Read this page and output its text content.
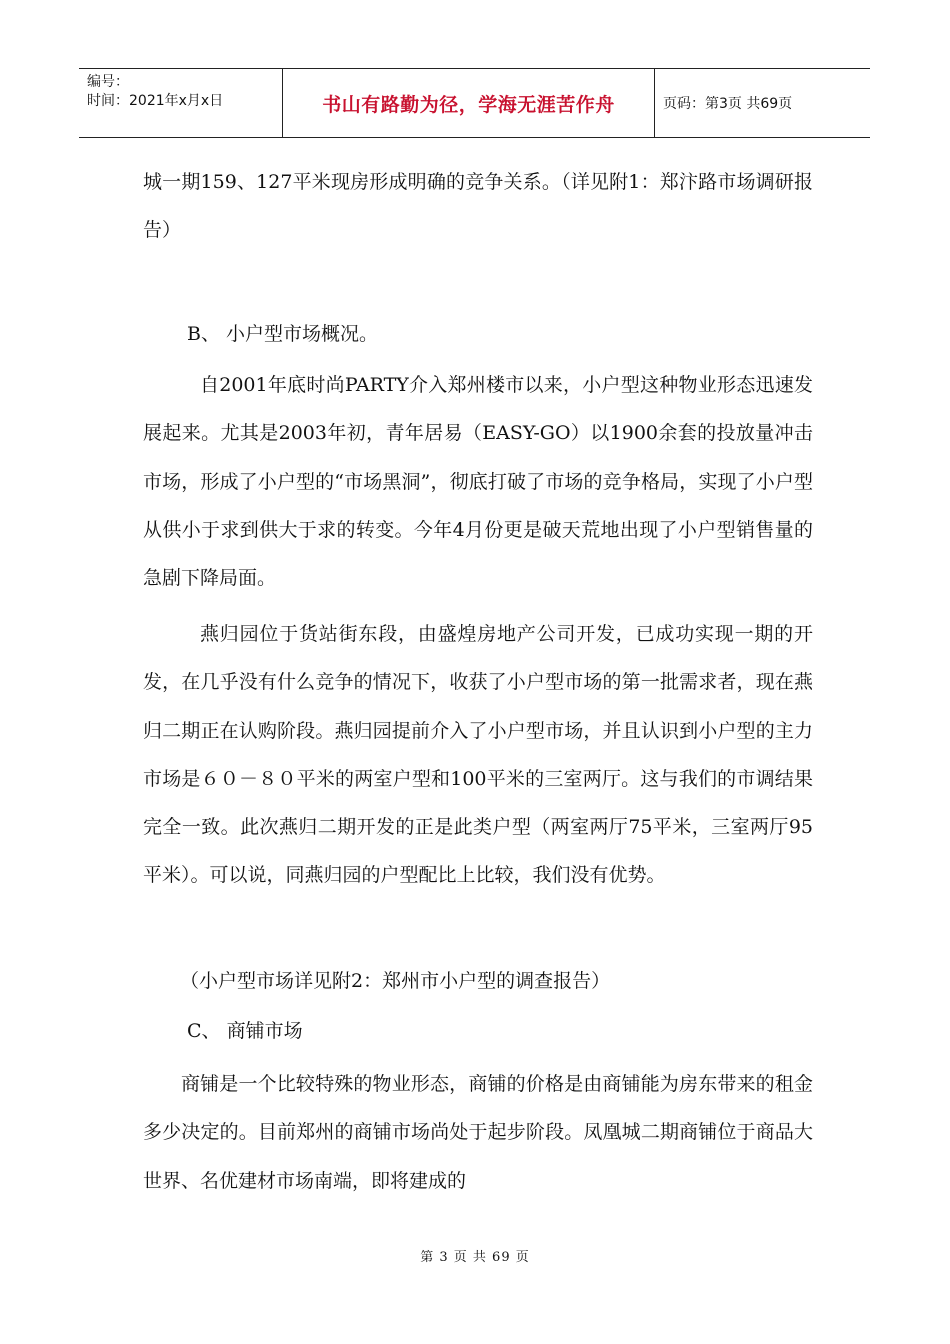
编号：
时间：2021年x月x日	书山有路勤为径，学海无涯苦作舟	页码：第3页 共69页

城一期159、127平米现房形成明确的竞争关系。（详见附1：郑汴路市场调研报告）

B、 小户型市场概况。

自2001年底时尚PARTY介入郑州楼市以来，小户型这种物业形态迅速发展起来。尤其是2003年初，青年居易（EASY-GO）以1900余套的投放量冲击市场，形成了小户型的“市场黑洞”，彻底打破了市场的竞争格局，实现了小户型从供小于求到供大于求的转变。今年4月份更是破天荒地出现了小户型销售量的急剧下降局面。

燕归园位于货站街东段，由盛煌房地产公司开发，已成功实现一期的开发，在几乎没有什么竞争的情况下，收获了小户型市场的第一批需求者，现在燕归二期正在认购阶段。燕归园提前介入了小户型市场，并且认识到小户型的主力市场是６０－８０平米的两室户型和100平米的三室两厅。这与我们的市调结果完全一致。此次燕归二期开发的正是此类户型（两室两厅75平米，三室两厅95平米）。可以说，同燕归园的户型配比上比较，我们没有优势。

（小户型市场详见附2：郑州市小户型的调查报告）

C、 商铺市场

商铺是一个比较特殊的物业形态，商铺的价格是由商铺能为房东带来的租金多少决定的。目前郑州的商铺市场尚处于起步阶段。凤凰城二期商铺位于商品大世界、名优建材市场南端，即将建成的

第 3 页 共 69 页
